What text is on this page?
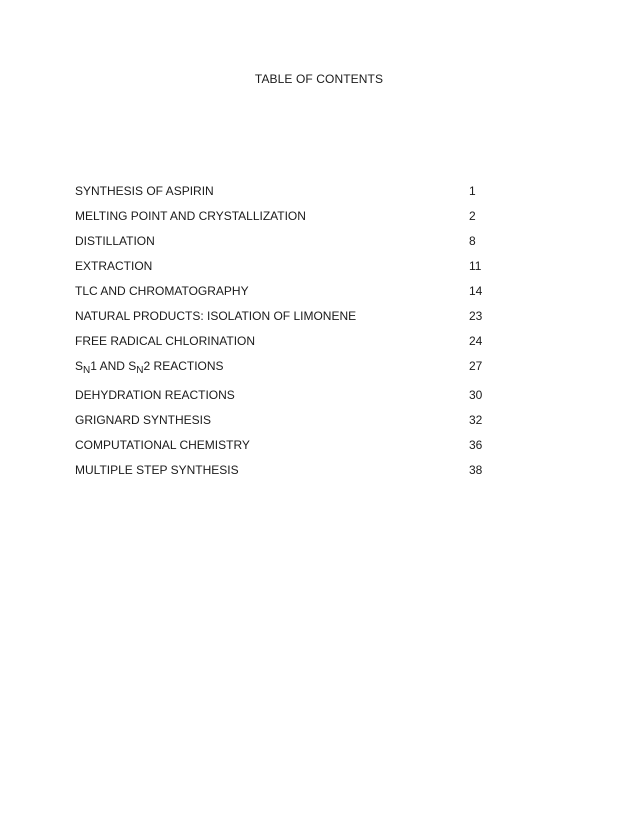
TABLE OF CONTENTS
SYNTHESIS OF ASPIRIN	1
MELTING POINT AND CRYSTALLIZATION	2
DISTILLATION	8
EXTRACTION	11
TLC AND CHROMATOGRAPHY	14
NATURAL PRODUCTS: ISOLATION OF LIMONENE	23
FREE RADICAL CHLORINATION	24
$S_N1$ AND $S_N2$ REACTIONS	27
DEHYDRATION REACTIONS	30
GRIGNARD SYNTHESIS	32
COMPUTATIONAL CHEMISTRY	36
MULTIPLE STEP SYNTHESIS	38
